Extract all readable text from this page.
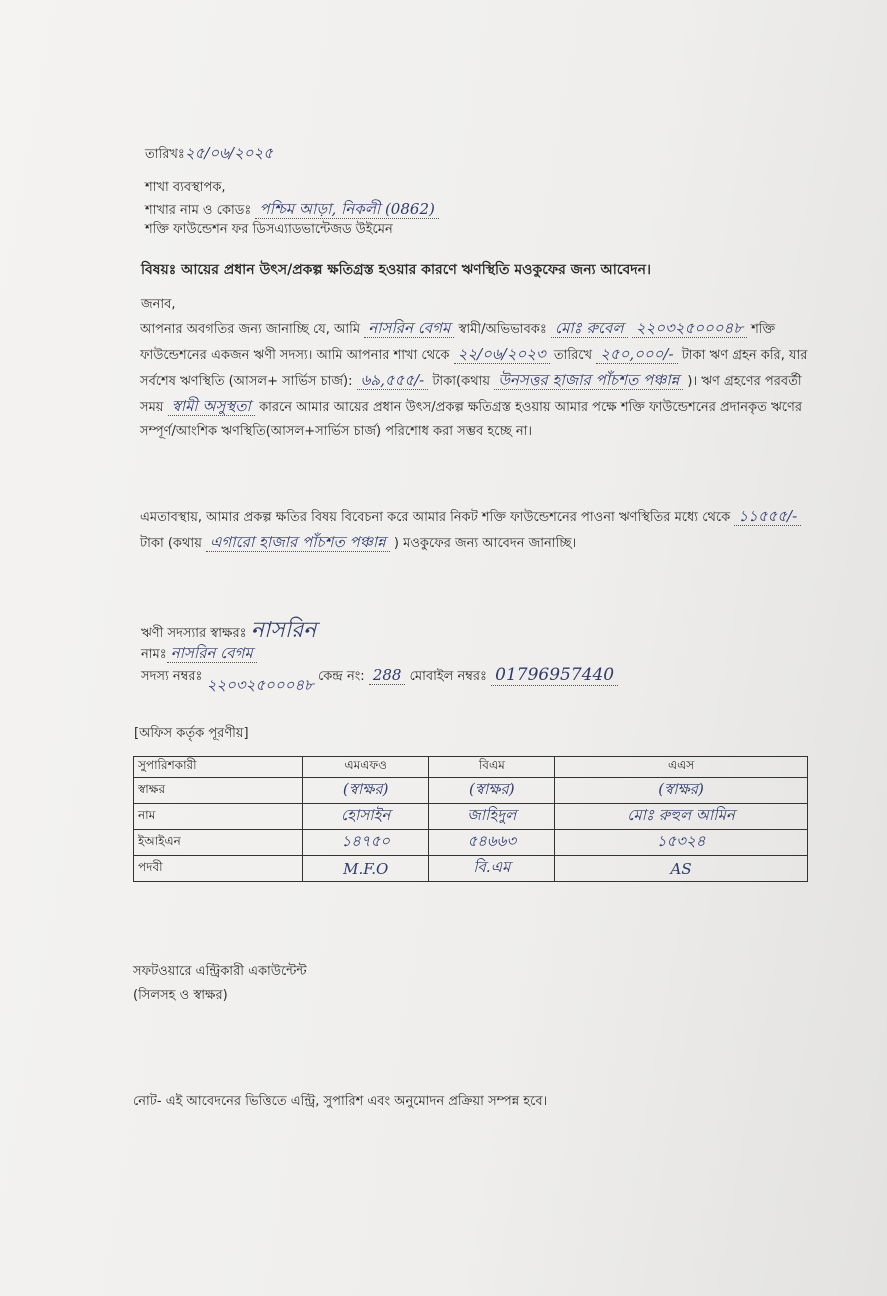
তারিখঃ২৫/০৬/২০২৫
শাখা ব্যবস্থাপক,
শাখার নাম ও কোডঃ পশ্চিম আড়া, নিকলী (0862)
শক্তি ফাউন্ডেশন ফর ডিসএ্যাডভান্টেজড উইমেন
বিষয়ঃ আয়ের প্রধান উৎস/প্রকল্প ক্ষতিগ্রস্ত হওয়ার কারণে ঋণস্থিতি মওকুফের জন্য আবেদন।
জনাব,
আপনার অবগতির জন্য জানাচ্ছি যে, আমি নাসরিন বেগম স্বামী/অভিভাবকঃ মোঃ রুবেল ২২০৩২৫০০০৪৮ শক্তি ফাউন্ডেশনের একজন ঋণী সদস্য। আমি আপনার শাখা থেকে ২২/০৬/২০২৩ তারিখে ২৫০,০০০/- টাকা ঋণ গ্রহন করি, যার সর্বশেষ ঋণস্থিতি (আসল+ সার্ভিস চার্জ): ৬৯,৫৫৫/- টাকা(কথায় উনসত্তর হাজার পাঁচশত পঞ্চান্ন )। ঋণ গ্রহণের পরবর্তী সময় স্বামী অসুস্থতা কারনে আমার আয়ের প্রধান উৎস/প্রকল্প ক্ষতিগ্রস্ত হওয়ায় আমার পক্ষে শক্তি ফাউন্ডেশনের প্রদানকৃত ঋণের সম্পূর্ণ/আংশিক ঋণস্থিতি(আসল+সার্ভিস চার্জ) পরিশোধ করা সম্ভব হচ্ছে না।
এমতাবস্থায়, আমার প্রকল্প ক্ষতির বিষয় বিবেচনা করে আমার নিকট শক্তি ফাউন্ডেশনের পাওনা ঋণস্থিতির মধ্যে থেকে ১১৫৫৫/- টাকা (কথায় এগারো হাজার পাঁচশত পঞ্চান্ন ) মওকুফের জন্য আবেদন জানাচ্ছি।
ঋণী সদস্যার স্বাক্ষরঃ নাসরিন
নামঃ নাসরিন বেগম
সদস্য নম্বরঃ ২২০৩২৫০০০৪৮ কেন্দ্র নং: 288 মোবাইল নম্বরঃ 01796957440
[অফিস কর্তৃক পূরণীয়]
সুপারিশকারী	এমএফও	বিএম	এএস
স্বাক্ষর	(স্বাক্ষর)	(স্বাক্ষর)	(স্বাক্ষর)
নাম	হোসাইন	জাহিদুল	মোঃ রুহুল আমিন
ইআইএন	১৪৭৫০	৫৪৬৬৩	১৫৩২৪
পদবী	M.F.O	বি.এম	AS
সফটওয়ারে এন্ট্রিকারী একাউন্টেন্ট
(সিলসহ ও স্বাক্ষর)
নোট- এই আবেদনের ভিত্তিতে এন্ট্রি, সুপারিশ এবং অনুমোদন প্রক্রিয়া সম্পন্ন হবে।
